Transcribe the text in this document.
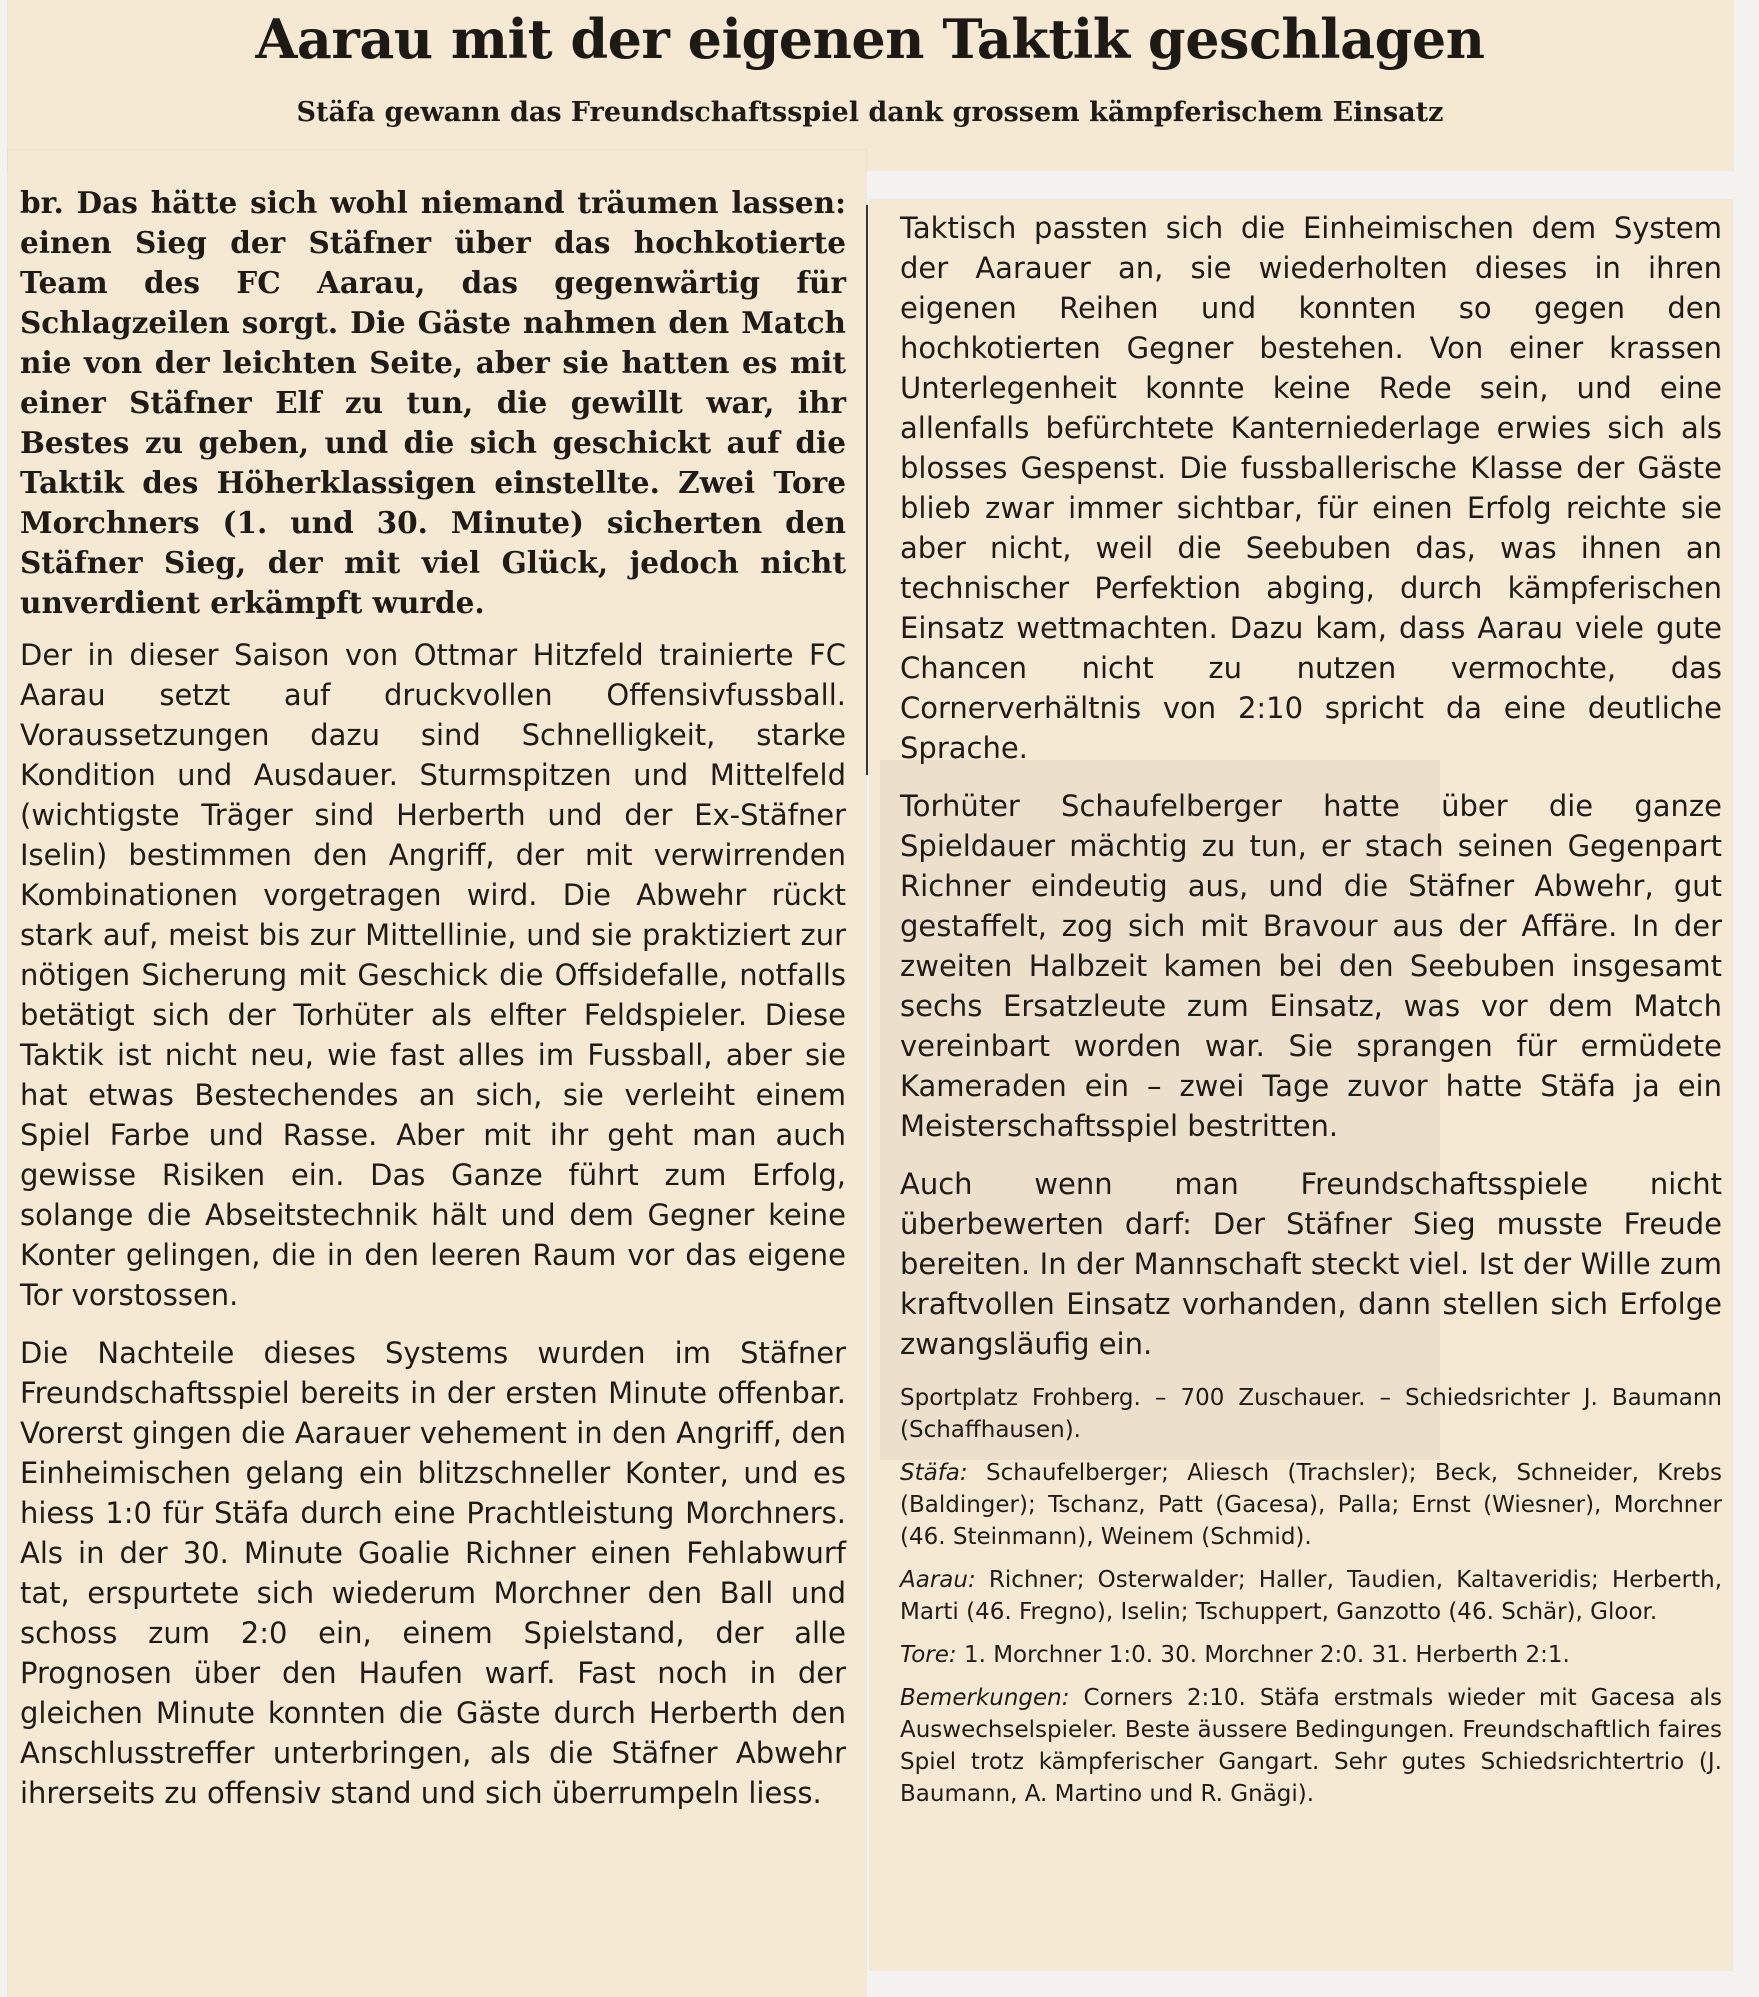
Aarau mit der eigenen Taktik geschlagen
Stäfa gewann das Freundschaftsspiel dank grossem kämpferischem Einsatz

br. Das hätte sich wohl niemand träumen lassen: einen Sieg der Stäfner über das hochkotierte Team des FC Aarau, das gegenwärtig für Schlagzeilen sorgt. Die Gäste nahmen den Match nie von der leichten Seite, aber sie hatten es mit einer Stäfner Elf zu tun, die gewillt war, ihr Bestes zu geben, und die sich geschickt auf die Taktik des Höherklassigen einstellte. Zwei Tore Morchners (1. und 30. Minute) sicherten den Stäfner Sieg, der mit viel Glück, jedoch nicht unverdient erkämpft wurde.

Der in dieser Saison von Ottmar Hitzfeld trainierte FC Aarau setzt auf druckvollen Offensivfussball. Voraussetzungen dazu sind Schnelligkeit, starke Kondition und Ausdauer. Sturmspitzen und Mittelfeld (wichtigste Träger sind Herberth und der Ex-Stäfner Iselin) bestimmen den Angriff, der mit verwirrenden Kombinationen vorgetragen wird. Die Abwehr rückt stark auf, meist bis zur Mittellinie, und sie praktiziert zur nötigen Sicherung mit Geschick die Offsidefalle, notfalls betätigt sich der Torhüter als elfter Feldspieler. Diese Taktik ist nicht neu, wie fast alles im Fussball, aber sie hat etwas Bestechendes an sich, sie verleiht einem Spiel Farbe und Rasse. Aber mit ihr geht man auch gewisse Risiken ein. Das Ganze führt zum Erfolg, solange die Abseitstechnik hält und dem Gegner keine Konter gelingen, die in den leeren Raum vor das eigene Tor vorstossen.

Die Nachteile dieses Systems wurden im Stäfner Freundschaftsspiel bereits in der ersten Minute offenbar. Vorerst gingen die Aarauer vehement in den Angriff, den Einheimischen gelang ein blitzschneller Konter, und es hiess 1:0 für Stäfa durch eine Prachtleistung Morchners. Als in der 30. Minute Goalie Richner einen Fehlabwurf tat, erspurtete sich wiederum Morchner den Ball und schoss zum 2:0 ein, einem Spielstand, der alle Prognosen über den Haufen warf. Fast noch in der gleichen Minute konnten die Gäste durch Herberth den Anschlusstreffer unterbringen, als die Stäfner Abwehr ihrerseits zu offensiv stand und sich überrumpeln liess.

Taktisch passten sich die Einheimischen dem System der Aarauer an, sie wiederholten dieses in ihren eigenen Reihen und konnten so gegen den hochkotierten Gegner bestehen. Von einer krassen Unterlegenheit konnte keine Rede sein, und eine allenfalls befürchtete Kanterniederlage erwies sich als blosses Gespenst. Die fussballerische Klasse der Gäste blieb zwar immer sichtbar, für einen Erfolg reichte sie aber nicht, weil die Seebuben das, was ihnen an technischer Perfektion abging, durch kämpferischen Einsatz wettmachten. Dazu kam, dass Aarau viele gute Chancen nicht zu nutzen vermochte, das Cornerverhältnis von 2:10 spricht da eine deutliche Sprache.

Torhüter Schaufelberger hatte über die ganze Spieldauer mächtig zu tun, er stach seinen Gegenpart Richner eindeutig aus, und die Stäfner Abwehr, gut gestaffelt, zog sich mit Bravour aus der Affäre. In der zweiten Halbzeit kamen bei den Seebuben insgesamt sechs Ersatzleute zum Einsatz, was vor dem Match vereinbart worden war. Sie sprangen für ermüdete Kameraden ein – zwei Tage zuvor hatte Stäfa ja ein Meisterschaftsspiel bestritten.

Auch wenn man Freundschaftsspiele nicht überbewerten darf: Der Stäfner Sieg musste Freude bereiten. In der Mannschaft steckt viel. Ist der Wille zum kraftvollen Einsatz vorhanden, dann stellen sich Erfolge zwangsläufig ein.

Sportplatz Frohberg. – 700 Zuschauer. – Schiedsrichter J. Baumann (Schaffhausen).

Stäfa: Schaufelberger; Aliesch (Trachsler); Beck, Schneider, Krebs (Baldinger); Tschanz, Patt (Gacesa), Palla; Ernst (Wiesner), Morchner (46. Steinmann), Weinem (Schmid).

Aarau: Richner; Osterwalder; Haller, Taudien, Kaltaveridis; Herberth, Marti (46. Fregno), Iselin; Tschuppert, Ganzotto (46. Schär), Gloor.

Tore: 1. Morchner 1:0. 30. Morchner 2:0. 31. Herberth 2:1.

Bemerkungen: Corners 2:10. Stäfa erstmals wieder mit Gacesa als Auswechselspieler. Beste äussere Bedingungen. Freundschaftlich faires Spiel trotz kämpferischer Gangart. Sehr gutes Schiedsrichtertrio (J. Baumann, A. Martino und R. Gnägi).
